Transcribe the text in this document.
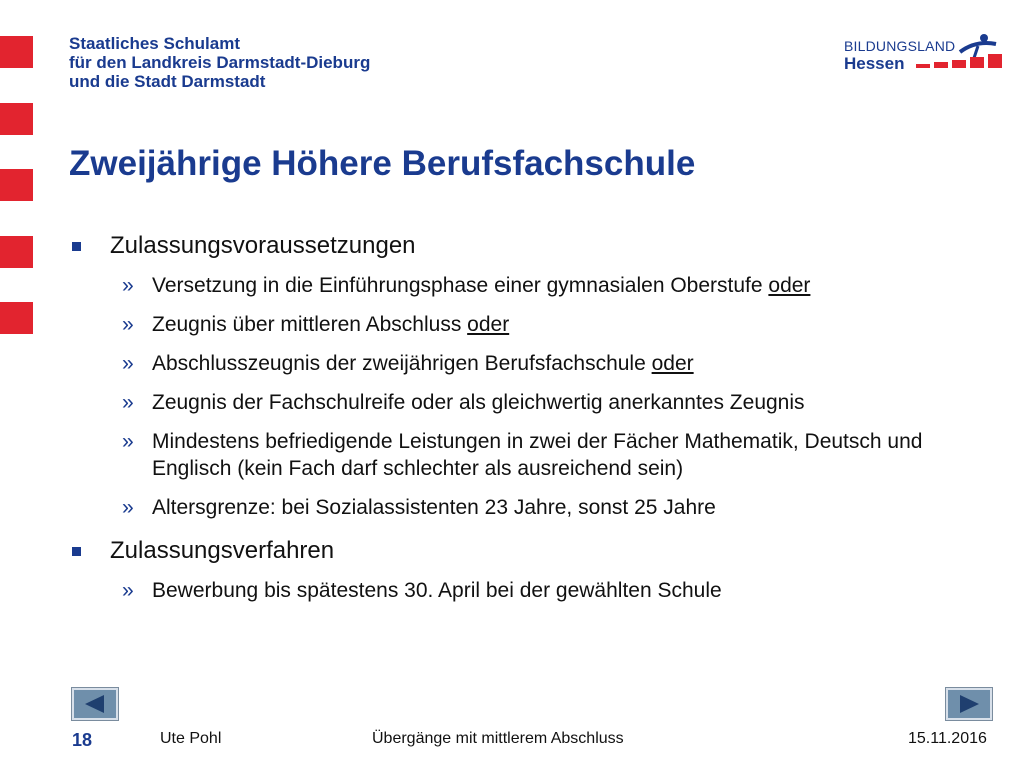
Staatliches Schulamt
für den Landkreis Darmstadt-Dieburg
und die Stadt Darmstadt
BILDUNGSLAND
Hessen
Zweijährige Höhere Berufsfachschule
Zulassungsvoraussetzungen
» Versetzung in die Einführungsphase einer gymnasialen Oberstufe oder
» Zeugnis über mittleren Abschluss oder
» Abschlusszeugnis der zweijährigen Berufsfachschule oder
» Zeugnis der Fachschulreife oder als gleichwertig anerkanntes Zeugnis
» Mindestens befriedigende Leistungen in zwei der Fächer Mathematik, Deutsch und Englisch (kein Fach darf schlechter als ausreichend sein)
» Altersgrenze: bei Sozialassistenten 23 Jahre, sonst 25 Jahre
Zulassungsverfahren
» Bewerbung bis spätestens 30. April bei der gewählten Schule
18	Ute Pohl	Übergänge mit mittlerem Abschluss	15.11.2016
